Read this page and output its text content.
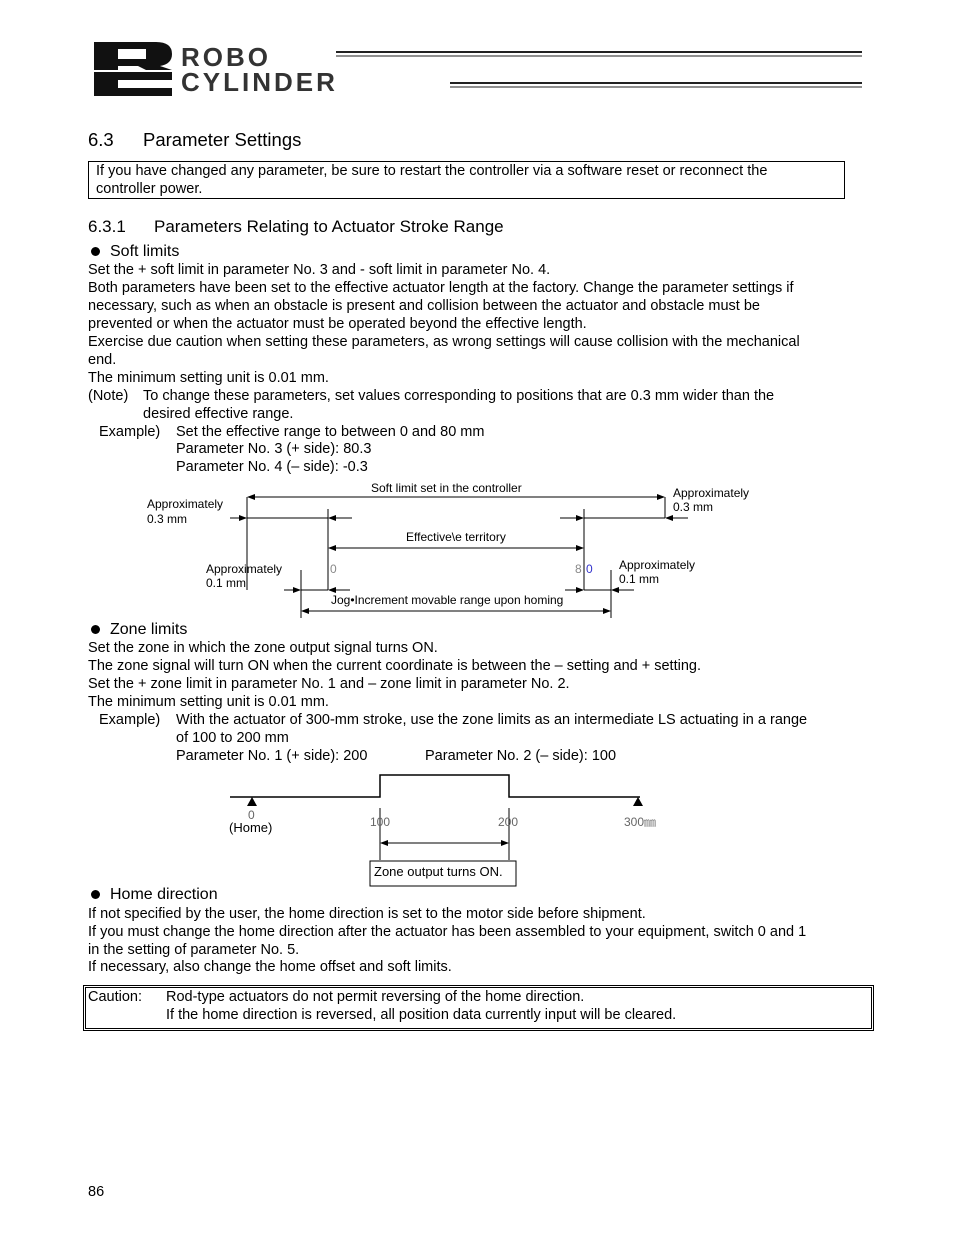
ROBO
CYLINDER
6.3 Parameter Settings
If you have changed any parameter, be sure to restart the controller via a software reset or reconnect the
controller power.
6.3.1 Parameters Relating to Actuator Stroke Range
Soft limits
Set the + soft limit in parameter No. 3 and - soft limit in parameter No. 4.
Both parameters have been set to the effective actuator length at the factory. Change the parameter settings if
necessary, such as when an obstacle is present and collision between the actuator and obstacle must be
prevented or when the actuator must be operated beyond the effective length.
Exercise due caution when setting these parameters, as wrong settings will cause collision with the mechanical
end.
The minimum setting unit is 0.01 mm.
(Note) To change these parameters, set values corresponding to positions that are 0.3 mm wider than the
desired effective range.
Example) Set the effective range to between 0 and 80 mm
Parameter No. 3 (+ side): 80.3
Parameter No. 4 (– side): -0.3
Soft limit set in the controller
Approximately
0.3 mm
Approximately
0.3 mm
Effective\e territory
Approximately
0.1 mm
Approximately
0.1 mm
0	8 0
Jog•Increment movable range upon homing
Zone limits
Set the zone in which the zone output signal turns ON.
The zone signal will turn ON when the current coordinate is between the – setting and + setting.
Set the + zone limit in parameter No. 1 and – zone limit in parameter No. 2.
The minimum setting unit is 0.01 mm.
Example) With the actuator of 300-mm stroke, use the zone limits as an intermediate LS actuating in a range
of 100 to 200 mm
Parameter No. 1 (+ side): 200	Parameter No. 2 (– side): 100
0	100	200	300㎜
(Home)
Zone output turns ON.
Home direction
If not specified by the user, the home direction is set to the motor side before shipment.
If you must change the home direction after the actuator has been assembled to your equipment, switch 0 and 1
in the setting of parameter No. 5.
If necessary, also change the home offset and soft limits.
Caution: Rod-type actuators do not permit reversing of the home direction.
If the home direction is reversed, all position data currently input will be cleared.
86
